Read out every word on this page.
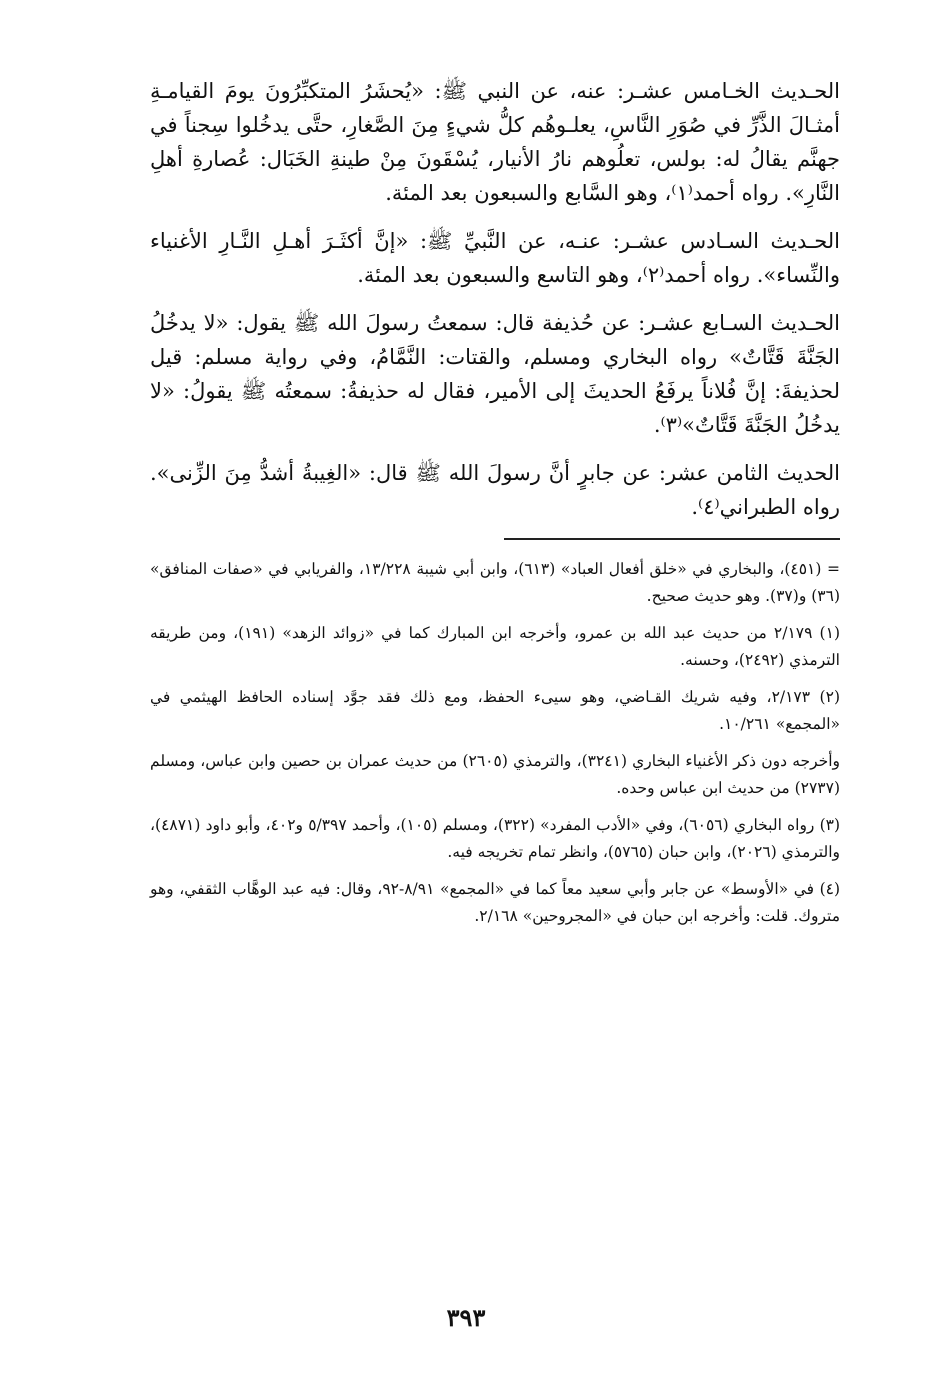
الحـديث الخـامس عشـر: عنه، عن النبي ﷺ: «يُحشَرُ المتكبِّرُونَ يومَ القيامـةِ أمثـالَ الذَّرِّ في صُوَرِ النَّاسِ، يعلـوهُم كلُّ شيءٍ مِنَ الصَّغارِ، حتَّى يدخُلوا سِجناً في جهنَّم يقالُ له: بولس، تعلُوهم نارُ الأنيار، يُسْقَونَ مِنْ طينةِ الخَبَال: عُصارةِ أهلِ النَّارِ». رواه أحمد⁽١⁾، وهو السَّابع والسبعون بعد المئة.

الحـديث السـادس عشـر: عنـه، عن النَّبيِّ ﷺ: «إنَّ أكثَـرَ أهـلِ النَّـارِ الأغنياء والنِّساء». رواه أحمد⁽٢⁾، وهو التاسع والسبعون بعد المئة.

الحـديث السـابع عشـر: عن حُذيفة قال: سمعتُ رسولَ الله ﷺ يقول: «لا يدخُلُ الجَنَّةَ قَتَّاتٌ» رواه البخاري ومسلم، والقتات: النَّمَّامُ، وفي رواية مسلم: قيل لحذيفةَ: إنَّ فُلاناً يرفَعُ الحديثَ إلى الأمير، فقال له حذيفةُ: سمعتُه ﷺ يقولُ: «لا يدخُلُ الجَنَّةَ قَتَّاتٌ»⁽٣⁾.

الحديث الثامن عشر: عن جابرٍ أنَّ رسولَ الله ﷺ قال: «الغِيبةُ أشدُّ مِنَ الزِّنى». رواه الطبراني⁽٤⁾.

= (٤٥١)، والبخاري في «خلق أفعال العباد» (٦١٣)، وابن أبي شيبة ١٣/٢٢٨، والفريابي في «صفات المنافق» (٣٦) و(٣٧). وهو حديث صحيح.

(١) ٢/١٧٩ من حديث عبد الله بن عمرو، وأخرجه ابن المبارك كما في «زوائد الزهد» (١٩١)، ومن طريقه الترمذي (٢٤٩٢)، وحسنه.

(٢) ٢/١٧٣، وفيه شريك القـاضي، وهو سيىء الحفظ، ومع ذلك فقد جوَّد إسناده الحافظ الهيثمي في «المجمع» ١٠/٢٦١.

وأخرجه دون ذكر الأغنياء البخاري (٣٢٤١)، والترمذي (٢٦٠٥) من حديث عمران بن حصين وابن عباس، ومسلم (٢٧٣٧) من حديث ابن عباس وحده.

(٣) رواه البخاري (٦٠٥٦)، وفي «الأدب المفرد» (٣٢٢)، ومسلم (١٠٥)، وأحمد ٥/٣٩٧ و٤٠٢، وأبو داود (٤٨٧١)، والترمذي (٢٠٢٦)، وابن حبان (٥٧٦٥)، وانظر تمام تخريجه فيه.

(٤) في «الأوسط» عن جابر وأبي سعيد معاً كما في «المجمع» ٨/٩١-٩٢، وقال: فيه عبد الوهَّاب الثقفي، وهو متروك. قلت: وأخرجه ابن حبان في «المجروحين» ٢/١٦٨.

٣٩٣
